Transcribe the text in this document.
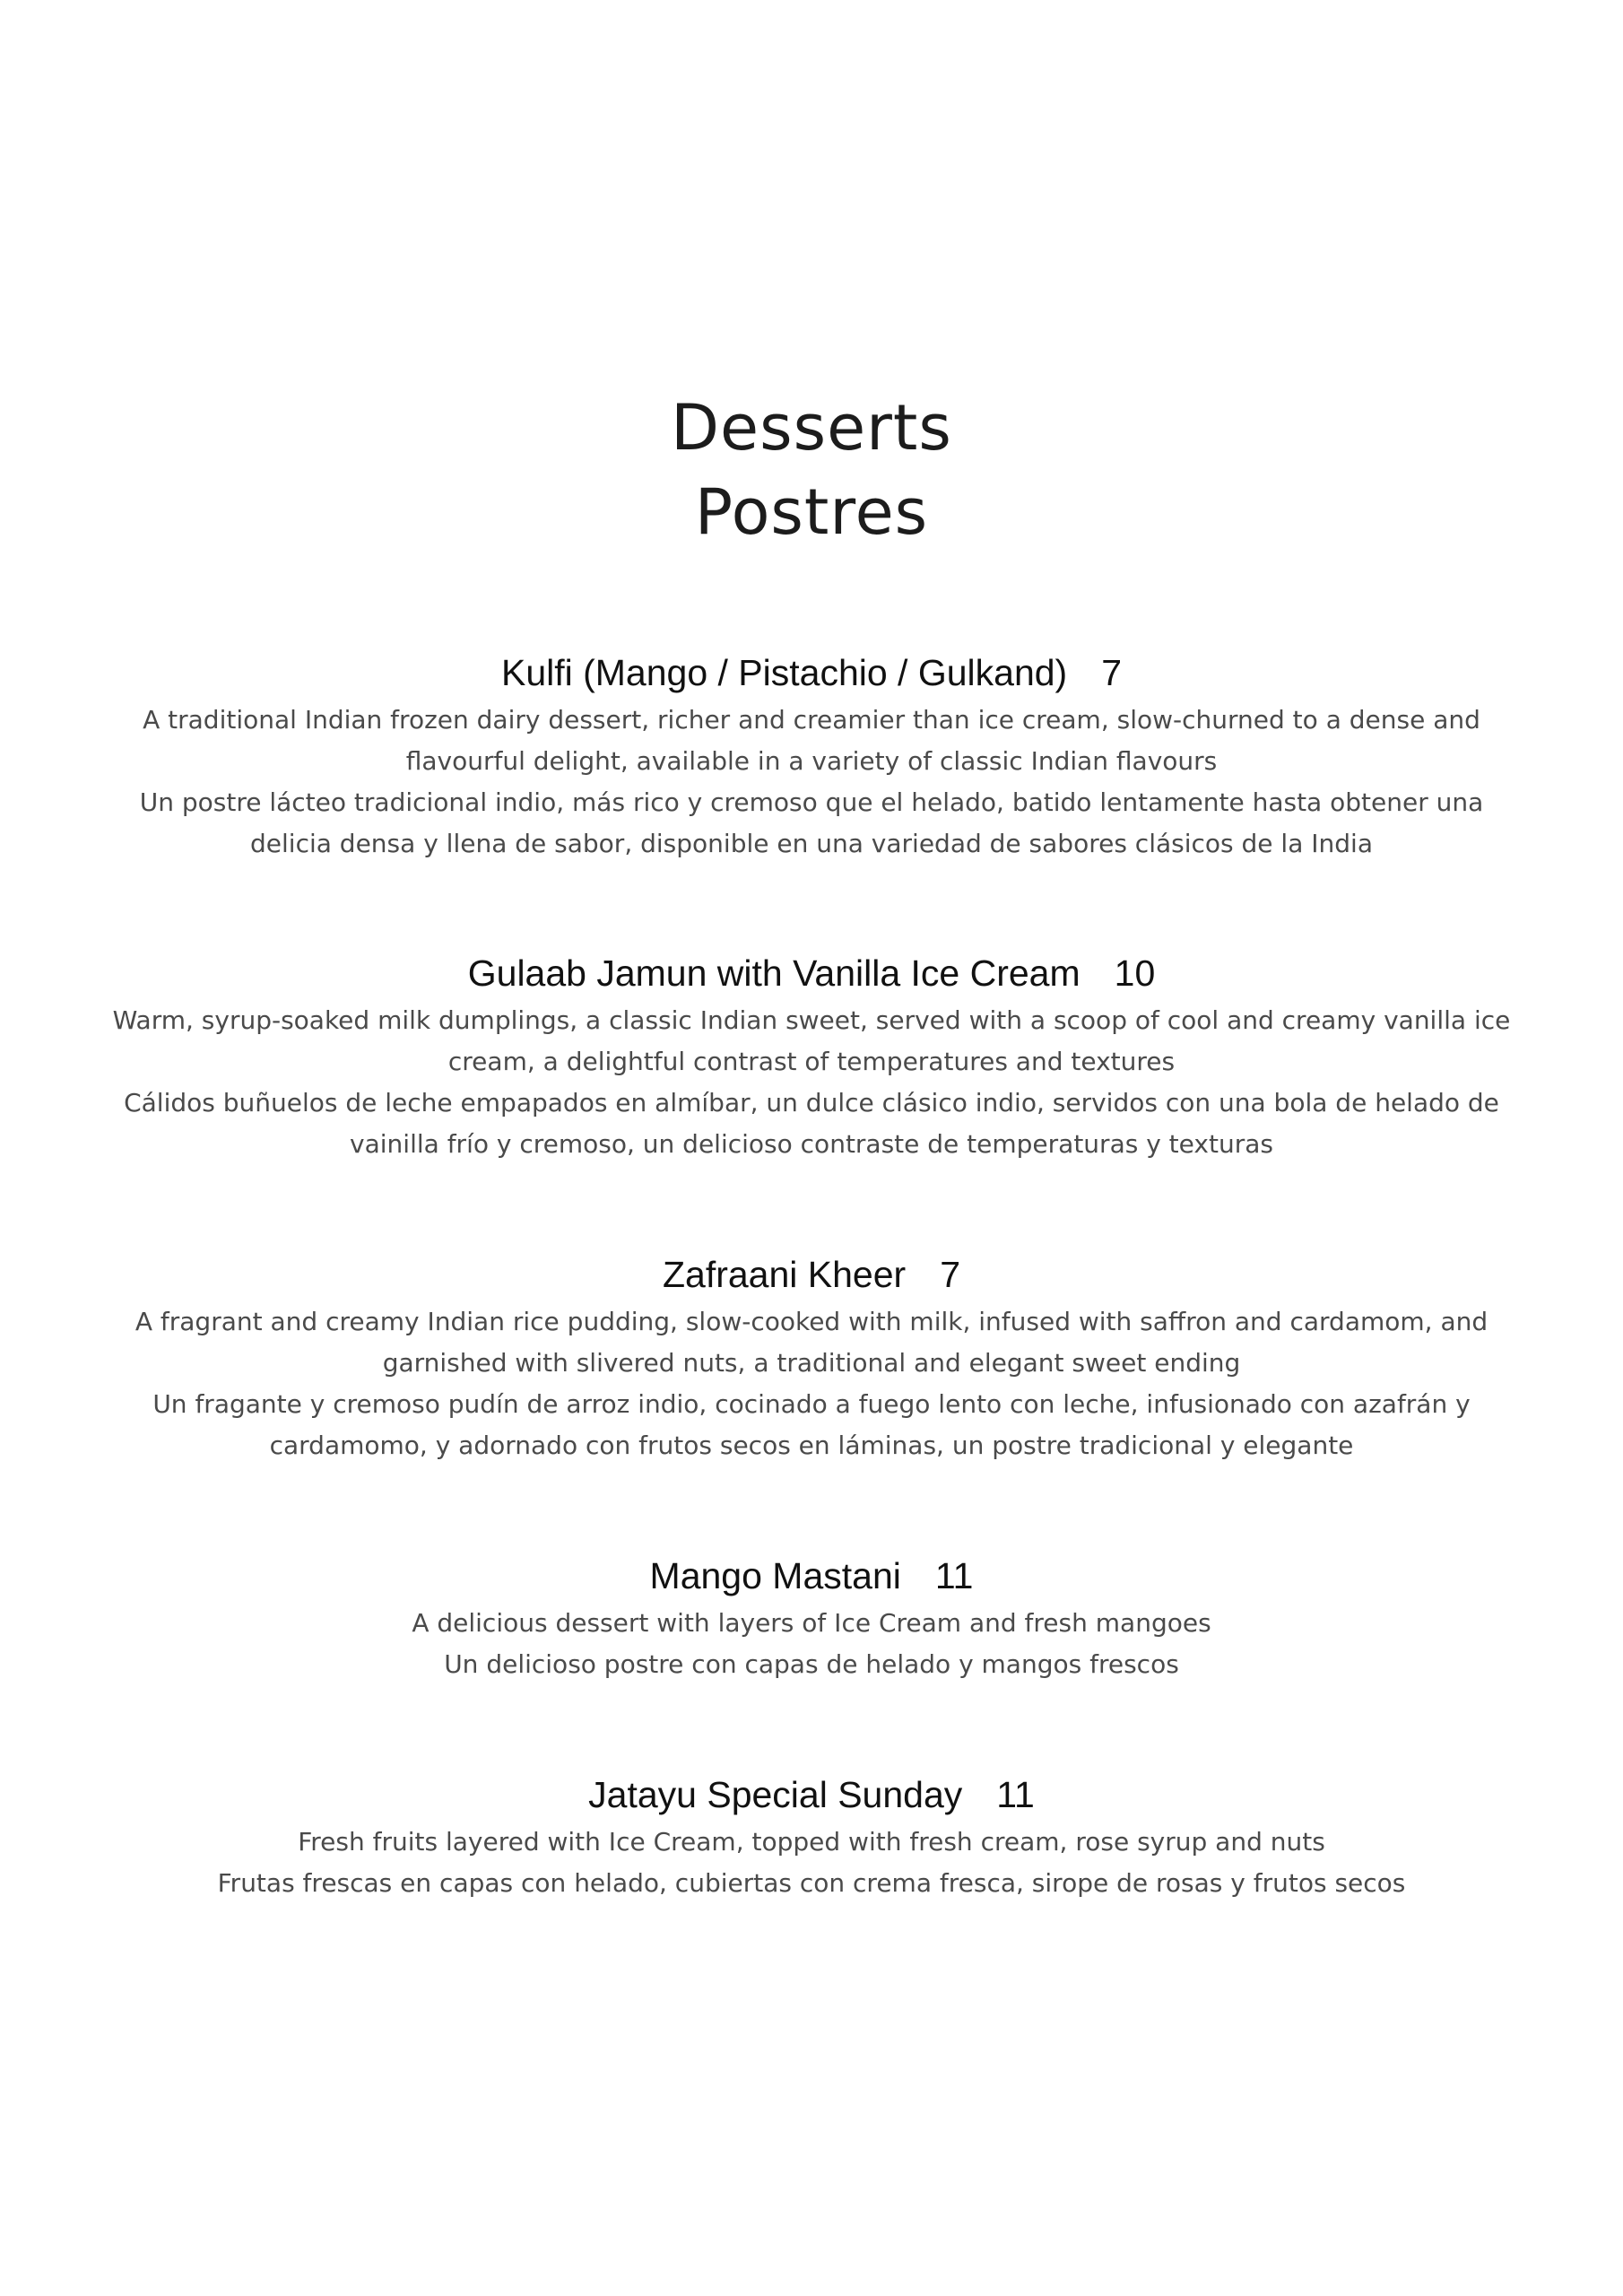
Desserts
Postres
Kulfi (Mango / Pistachio / Gulkand) 7
A traditional Indian frozen dairy dessert, richer and creamier than ice cream, slow-churned to a dense and flavourful delight, available in a variety of classic Indian flavours
Un postre lácteo tradicional indio, más rico y cremoso que el helado, batido lentamente hasta obtener una delicia densa y llena de sabor, disponible en una variedad de sabores clásicos de la India
Gulaab Jamun with Vanilla Ice Cream 10
Warm, syrup-soaked milk dumplings, a classic Indian sweet, served with a scoop of cool and creamy vanilla ice cream, a delightful contrast of temperatures and textures
Cálidos buñuelos de leche empapados en almíbar, un dulce clásico indio, servidos con una bola de helado de vainilla frío y cremoso, un delicioso contraste de temperaturas y texturas
Zafraani Kheer 7
A fragrant and creamy Indian rice pudding, slow-cooked with milk, infused with saffron and cardamom, and garnished with slivered nuts, a traditional and elegant sweet ending
Un fragante y cremoso pudín de arroz indio, cocinado a fuego lento con leche, infusionado con azafrán y cardamomo, y adornado con frutos secos en láminas, un postre tradicional y elegante
Mango Mastani 11
A delicious dessert with layers of Ice Cream and fresh mangoes
Un delicioso postre con capas de helado y mangos frescos
Jatayu Special Sunday 11
Fresh fruits layered with Ice Cream, topped with fresh cream, rose syrup and nuts
Frutas frescas en capas con helado, cubiertas con crema fresca, sirope de rosas y frutos secos
